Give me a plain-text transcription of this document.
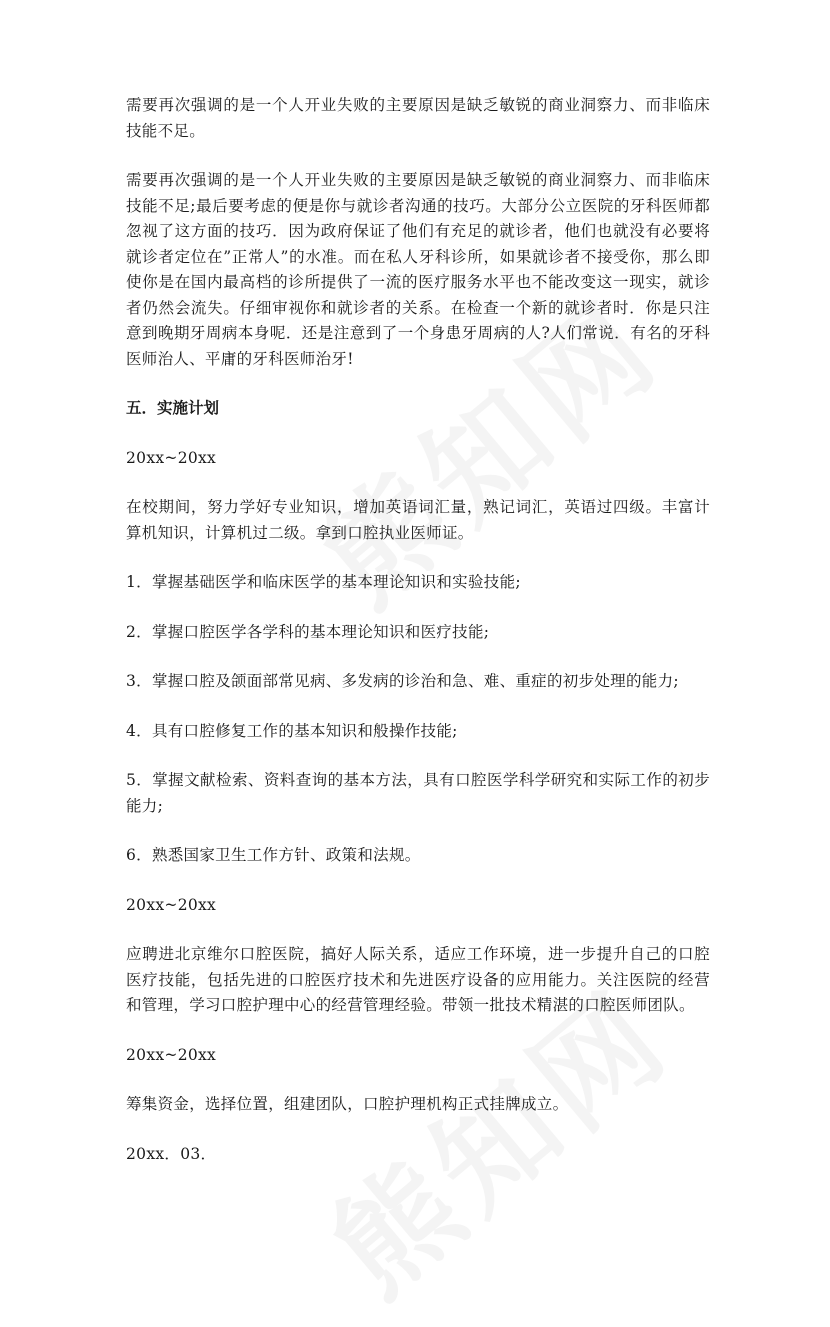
需要再次强调的是一个人开业失败的主要原因是缺乏敏锐的商业洞察力、而非临床技能不足。

需要再次强调的是一个人开业失败的主要原因是缺乏敏锐的商业洞察力、而非临床技能不足;最后要考虑的便是你与就诊者沟通的技巧。大部分公立医院的牙科医师都忽视了这方面的技巧．因为政府保证了他们有充足的就诊者，他们也就没有必要将就诊者定位在”正常人”的水准。而在私人牙科诊所，如果就诊者不接受你，那么即使你是在国内最高档的诊所提供了一流的医疗服务水平也不能改变这一现实，就诊者仍然会流失。仔细审视你和就诊者的关系。在检查一个新的就诊者时．你是只注意到晚期牙周病本身呢．还是注意到了一个身患牙周病的人?人们常说．有名的牙科医师治人、平庸的牙科医师治牙!

五．实施计划

20xx~20xx

在校期间，努力学好专业知识，增加英语词汇量，熟记词汇，英语过四级。丰富计算机知识，计算机过二级。拿到口腔执业医师证。

1．掌握基础医学和临床医学的基本理论知识和实验技能;

2．掌握口腔医学各学科的基本理论知识和医疗技能;

3．掌握口腔及颌面部常见病、多发病的诊治和急、难、重症的初步处理的能力;

4．具有口腔修复工作的基本知识和般操作技能;

5．掌握文献检索、资料查询的基本方法，具有口腔医学科学研究和实际工作的初步能力;

6．熟悉国家卫生工作方针、政策和法规。

20xx~20xx

应聘进北京维尔口腔医院，搞好人际关系，适应工作环境，进一步提升自己的口腔医疗技能，包括先进的口腔医疗技术和先进医疗设备的应用能力。关注医院的经营和管理，学习口腔护理中心的经营管理经验。带领一批技术精湛的口腔医师团队。

20xx~20xx

筹集资金，选择位置，组建团队，口腔护理机构正式挂牌成立。

20xx．03．
